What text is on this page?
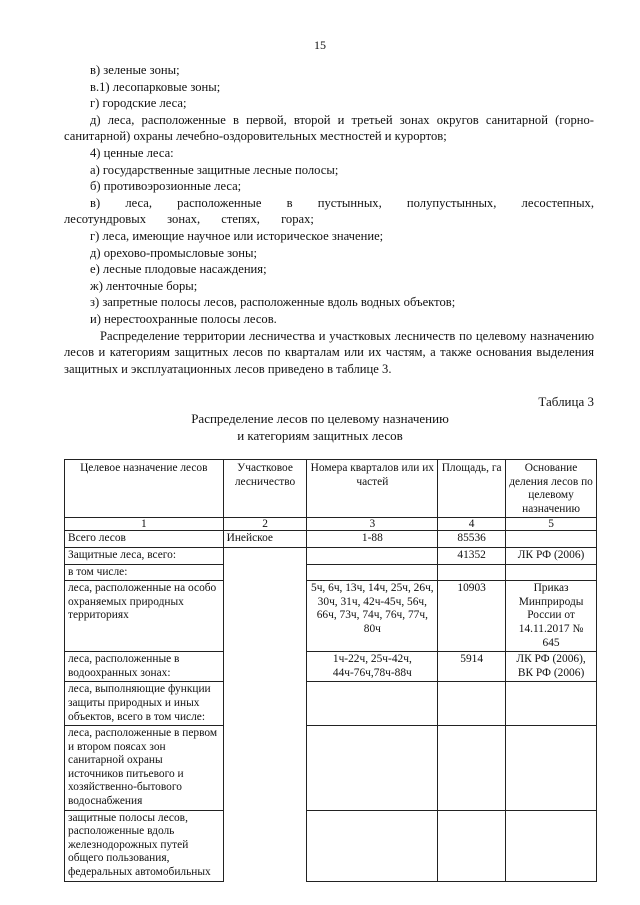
15

в) зеленые зоны;

в.1) лесопарковые зоны;

г) городские леса;

д) леса, расположенные в первой, второй и третьей зонах округов санитарной (горно-санитарной) охраны лечебно-оздоровительных местностей и курортов;

4) ценные леса:

а) государственные защитные лесные полосы;

б) противоэрозионные леса;

в) леса, расположенные в пустынных, полупустынных, лесостепных, лесотундровых зонах, степях, горах;

г) леса, имеющие научное или историческое значение;

д) орехово-промысловые зоны;

е) лесные плодовые насаждения;

ж) ленточные боры;

з) запретные полосы лесов, расположенные вдоль водных объектов;

и) нерестоохранные полосы лесов.

Распределение территории лесничества и участковых лесничеств по целевому назначению лесов и категориям защитных лесов по кварталам или их частям, а также основания выделения защитных и эксплуатационных лесов приведено в таблице 3.

Таблица 3
Распределение лесов по целевому назначению
и категориям защитных лесов
Целевое назначение лесов	Участковое лесничество	Номера кварталов или их частей	Площадь, га	Основание деления лесов по целевому назначению
1	2	3	4	5
Всего лесов	Инейское	1-88	85536	
Защитные леса, всего:			41352	ЛК РФ (2006)
в том числе:				
леса, расположенные на особо охраняемых природных территориях		5ч, 6ч, 13ч, 14ч, 25ч, 26ч, 30ч, 31ч, 42ч-45ч, 56ч, 66ч, 73ч, 74ч, 76ч, 77ч, 80ч	10903	Приказ Минприроды России от 14.11.2017 № 645
леса, расположенные в водоохранных зонах:		1ч-22ч, 25ч-42ч, 44ч-76ч,78ч-88ч	5914	ЛК РФ (2006), ВК РФ (2006)
леса, выполняющие функции защиты природных и иных объектов, всего в том числе:				
леса, расположенные в первом и втором поясах зон санитарной охраны источников питьевого и хозяйственно-бытового водоснабжения				
защитные полосы лесов, расположенные вдоль железнодорожных путей общего пользования, федеральных автомобильных				
